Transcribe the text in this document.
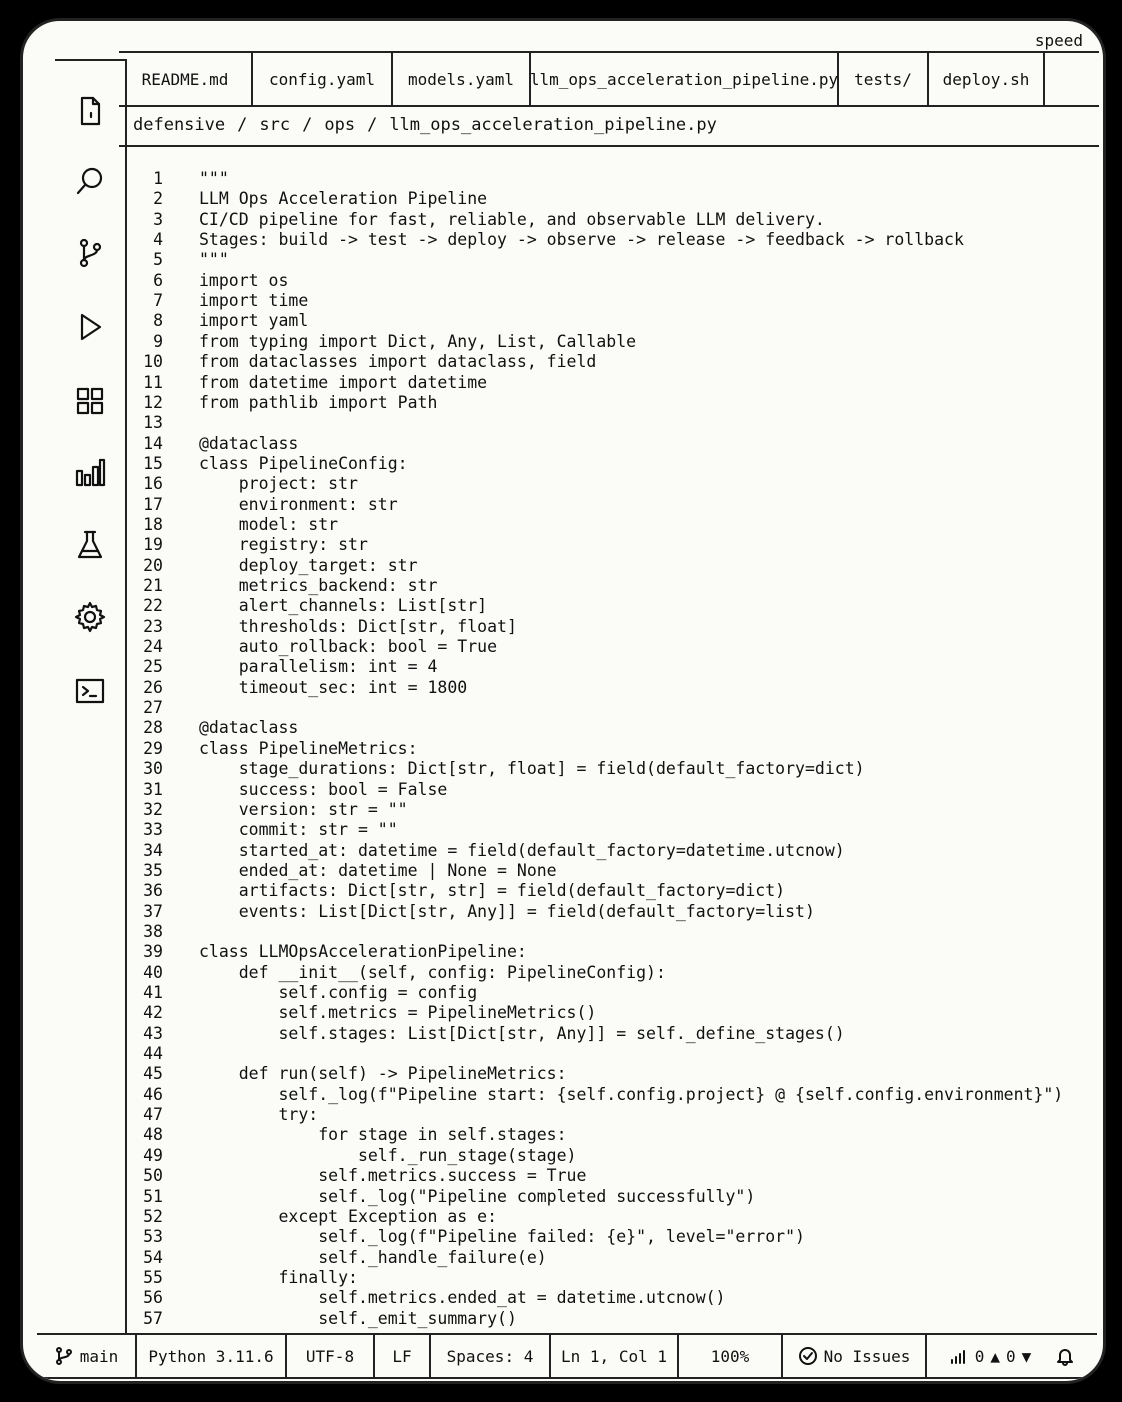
speed
README.md	config.yaml	models.yaml llm_ops_acceleration_pipeline.py tests/	deploy.sh
defensive / src / ops / llm_ops_acceleration_pipeline.py
1 """
2 LLM Ops Acceleration Pipeline
3 CI/CD pipeline for fast, reliable, and observable LLM delivery.
4 Stages: build -> test -> deploy -> observe -> release -> feedback -> rollback
5 """
6 import os
7 import time
8 import yaml
9 from typing import Dict, Any, List, Callable
10 from dataclasses import dataclass, field
11 from datetime import datetime
12 from pathlib import Path
13
14 @dataclass
15 class PipelineConfig:
16 project: str
17 environment: str
18 model: str
19 registry: str
20 deploy_target: str
21 metrics_backend: str
22 alert_channels: List[str]
23 thresholds: Dict[str, float]
24 auto_rollback: bool = True
25 parallelism: int = 4
26 timeout_sec: int = 1800
27
28 @dataclass
29 class PipelineMetrics:
30 stage_durations: Dict[str, float] = field(default_factory=dict)
31 success: bool = False
32 version: str = ""
33 commit: str = ""
34 started_at: datetime = field(default_factory=datetime.utcnow)
35 ended_at: datetime | None = None
36 artifacts: Dict[str, str] = field(default_factory=dict)
37 events: List[Dict[str, Any]] = field(default_factory=list)
38
39 class LLMOpsAccelerationPipeline:
40 def __init__(self, config: PipelineConfig):
41 self.config = config
42 self.metrics = PipelineMetrics()
43 self.stages: List[Dict[str, Any]] = self._define_stages()
44
45 def run(self) -> PipelineMetrics:
46 self._log(f"Pipeline start: {self.config.project} @ {self.config.environment}")
47 try:
48 for stage in self.stages:
49 self._run_stage(stage)
50 self.metrics.success = True
51 self._log("Pipeline completed successfully")
52 except Exception as e:
53 self._log(f"Pipeline failed: {e}", level="error")
54 self._handle_failure(e)
55 finally:
56 self.metrics.ended_at = datetime.utcnow()
57 self._emit_summary()
main	Python 3.11.6	UTF-8	LF	Spaces: 4	Ln 1, Col 1	100%	No Issues	0 ▲ 0 ▼
